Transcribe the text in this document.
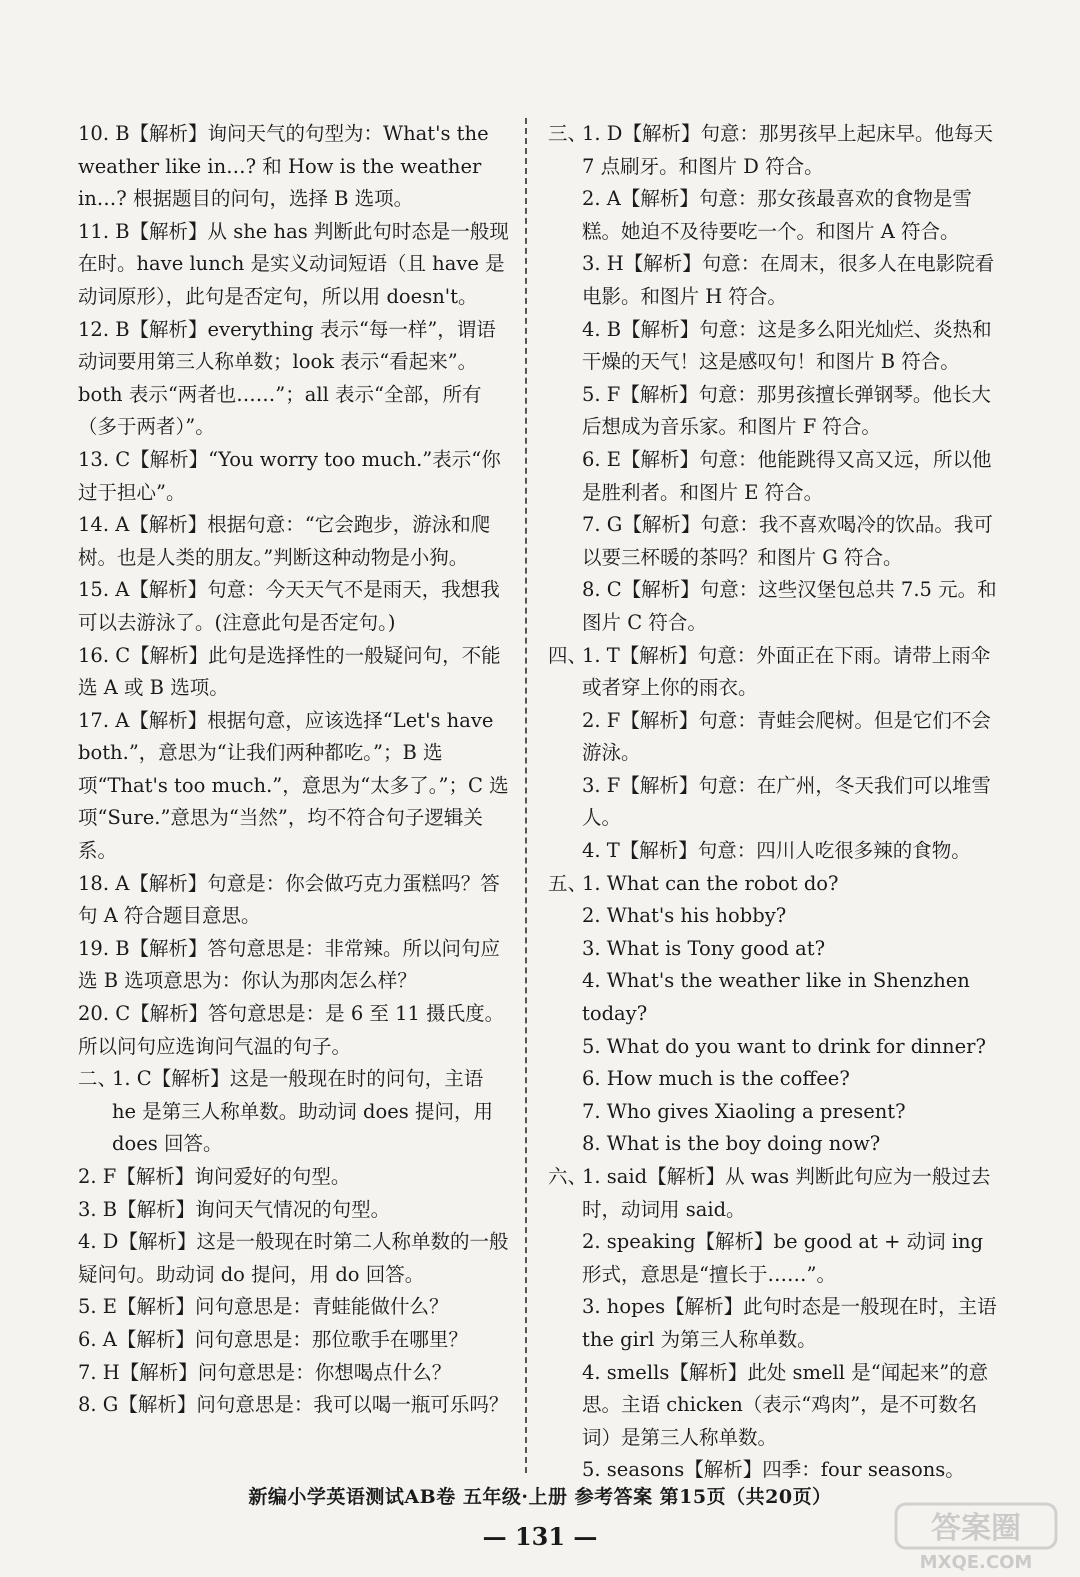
10. B【解析】询问天气的句型为：What's the weather like in…? 和 How is the weather in…? 根据题目的问句，选择 B 选项。

11. B【解析】从 she has 判断此句时态是一般现在时。have lunch 是实义动词短语（且 have 是动词原形），此句是否定句，所以用 doesn't。

12. B【解析】everything 表示“每一样”，谓语动词要用第三人称单数；look 表示“看起来”。both 表示“两者也……”；all 表示“全部，所有（多于两者）”。

13. C【解析】“You worry too much.”表示“你过于担心”。

14. A【解析】根据句意：“它会跑步，游泳和爬树。也是人类的朋友。”判断这种动物是小狗。

15. A【解析】句意：今天天气不是雨天，我想我可以去游泳了。(注意此句是否定句。)

16. C【解析】此句是选择性的一般疑问句，不能选 A 或 B 选项。

17. A【解析】根据句意，应该选择“Let's have both.”，意思为“让我们两种都吃。”；B 选项“That's too much.”，意思为“太多了。”；C 选项“Sure.”意思为“当然”，均不符合句子逻辑关系。

18. A【解析】句意是：你会做巧克力蛋糕吗？答句 A 符合题目意思。

19. B【解析】答句意思是：非常辣。所以问句应选 B 选项意思为：你认为那肉怎么样？

20. C【解析】答句意思是：是 6 至 11 摄氏度。所以问句应选询问气温的句子。

二、1. C【解析】这是一般现在时的问句，主语 he 是第三人称单数。助动词 does 提问，用 does 回答。

2. F【解析】询问爱好的句型。

3. B【解析】询问天气情况的句型。

4. D【解析】这是一般现在时第二人称单数的一般疑问句。助动词 do 提问，用 do 回答。

5. E【解析】问句意思是：青蛙能做什么？

6. A【解析】问句意思是：那位歌手在哪里？

7. H【解析】问句意思是：你想喝点什么？

8. G【解析】问句意思是：我可以喝一瓶可乐吗？

三、1. D【解析】句意：那男孩早上起床早。他每天 7 点刷牙。和图片 D 符合。

2. A【解析】句意：那女孩最喜欢的食物是雪糕。她迫不及待要吃一个。和图片 A 符合。

3. H【解析】句意：在周末，很多人在电影院看电影。和图片 H 符合。

4. B【解析】句意：这是多么阳光灿烂、炎热和干燥的天气！这是感叹句！和图片 B 符合。

5. F【解析】句意：那男孩擅长弹钢琴。他长大后想成为音乐家。和图片 F 符合。

6. E【解析】句意：他能跳得又高又远，所以他是胜利者。和图片 E 符合。

7. G【解析】句意：我不喜欢喝冷的饮品。我可以要三杯暖的茶吗？和图片 G 符合。

8. C【解析】句意：这些汉堡包总共 7.5 元。和图片 C 符合。

四、1. T【解析】句意：外面正在下雨。请带上雨伞或者穿上你的雨衣。

2. F【解析】句意：青蛙会爬树。但是它们不会游泳。

3. F【解析】句意：在广州，冬天我们可以堆雪人。

4. T【解析】句意：四川人吃很多辣的食物。

五、1. What can the robot do?

2. What's his hobby?

3. What is Tony good at?

4. What's the weather like in Shenzhen today?

5. What do you want to drink for dinner?

6. How much is the coffee?

7. Who gives Xiaoling a present?

8. What is the boy doing now?

六、1. said【解析】从 was 判断此句应为一般过去时，动词用 said。

2. speaking【解析】be good at + 动词 ing 形式，意思是“擅长于……”。

3. hopes【解析】此句时态是一般现在时，主语 the girl 为第三人称单数。

4. smells【解析】此处 smell 是“闻起来”的意思。主语 chicken（表示“鸡肉”，是不可数名词）是第三人称单数。

5. seasons【解析】四季：four seasons。

新编小学英语测试AB卷 五年级·上册 参考答案 第15页（共20页）
— 131 —	答案圈
MXQE.COM
